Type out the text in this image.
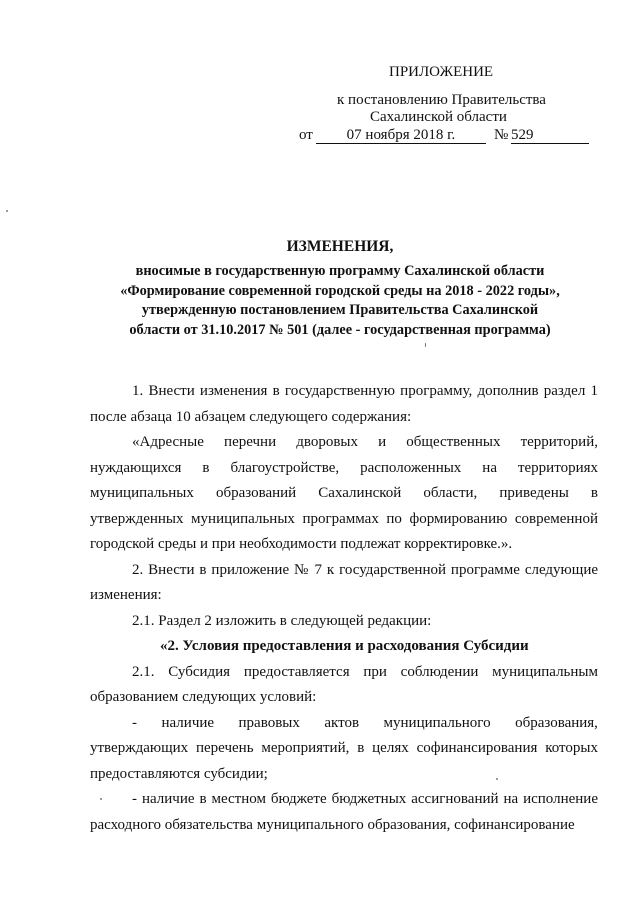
ПРИЛОЖЕНИЕ
к постановлению Правительства
Сахалинской области
от	07 ноября 2018 г.	№ 529
ИЗМЕНЕНИЯ,
вносимые в государственную программу Сахалинской области
«Формирование современной городской среды на 2018 - 2022 годы»,
утвержденную постановлением Правительства Сахалинской
области от 31.10.2017 № 501 (далее - государственная программа)

1. Внести изменения в государственную программу, дополнив раздел 1 после абзаца 10 абзацем следующего содержания:

«Адресные перечни дворовых и общественных территорий, нуждающихся в благоустройстве, расположенных на территориях муниципальных образований Сахалинской области, приведены в утвержденных муниципальных программах по формированию современной городской среды и при необходимости подлежат корректировке.».

2. Внести в приложение № 7 к государственной программе следующие изменения:

2.1. Раздел 2 изложить в следующей редакции:

«2. Условия предоставления и расходования Субсидии

2.1. Субсидия предоставляется при соблюдении муниципальным образованием следующих условий:

- наличие правовых актов муниципального образования,

утверждающих перечень мероприятий, в целях софинансирования которых предоставляются субсидии;

- наличие в местном бюджете бюджетных ассигнований на исполнение расходного обязательства муниципального образования, софинансирование
